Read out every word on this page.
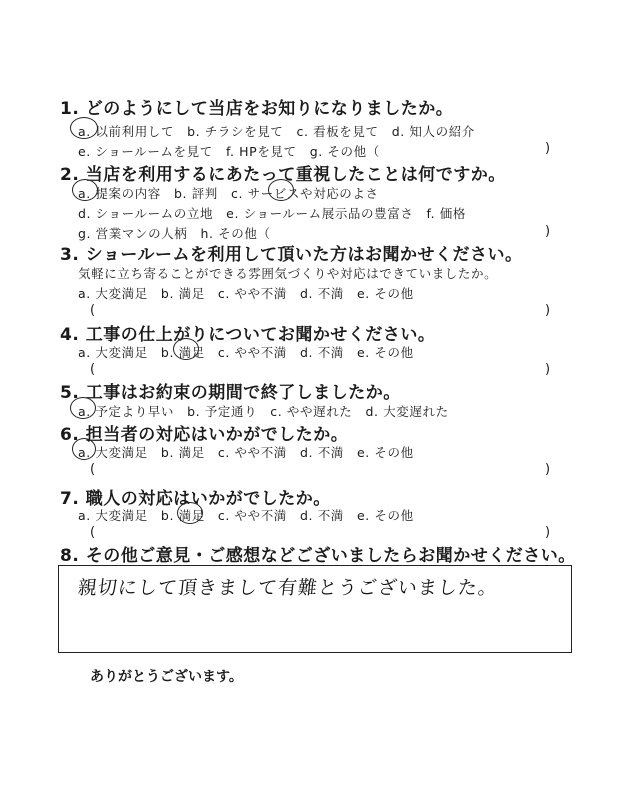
1. どのようにして当店をお知りになりましたか。
a. 以前利用して　b. チラシを見て　c. 看板を見て　d. 知人の紹介
e. ショールームを見て　f. HPを見て　g. その他（	)
2. 当店を利用するにあたって重視したことは何ですか。
a. 提案の内容　b. 評判　c. サービスや対応のよさ
d. ショールームの立地　e. ショールーム展示品の豊富さ　f. 価格
g. 営業マンの人柄　h. その他（	)
3. ショールームを利用して頂いた方はお聞かせください。
気軽に立ち寄ることができる雰囲気づくりや対応はできていましたか。
a. 大変満足　b. 満足　c. やや不満　d. 不満　e. その他
(	)
4. 工事の仕上がりについてお聞かせください。
a. 大変満足　b. 満足　c. やや不満　d. 不満　e. その他
(	)
5. 工事はお約束の期間で終了しましたか。
a. 予定より早い　b. 予定通り　c. やや遅れた　d. 大変遅れた
6. 担当者の対応はいかがでしたか。
a. 大変満足　b. 満足　c. やや不満　d. 不満　e. その他
(	)
7. 職人の対応はいかがでしたか。
a. 大変満足　b. 満足　c. やや不満　d. 不満　e. その他
(	)
8. その他ご意見・ご感想などございましたらお聞かせください。
親切にして頂きまして有難とうございました。
ありがとうございます。
